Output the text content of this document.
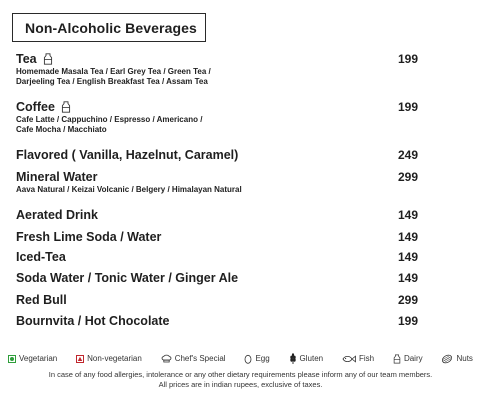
Non-Alcoholic Beverages
Tea	199
Homemade Masala Tea / Earl Grey Tea / Green Tea /
Darjeeling Tea / English Breakfast Tea / Assam Tea
Coffee	199
Cafe Latte / Cappuchino / Espresso / Americano /
Cafe Mocha / Macchiato
Flavored ( Vanilla, Hazelnut, Caramel)	249
Mineral Water	299
Aava Natural / Keizai Volcanic / Belgery / Himalayan Natural
Aerated Drink	149
Fresh Lime Soda / Water	149
Iced-Tea	149
Soda Water / Tonic Water / Ginger Ale	149
Red Bull	299
Bournvita / Hot Chocolate	199
Vegetarian	Non-vegetarian	Chef's Special	Egg	Gluten	Fish	Dairy	Nuts
In case of any food allergies, intolerance or any other dietary requirements please inform any of our team members.
All prices are in indian rupees, exclusive of taxes.
